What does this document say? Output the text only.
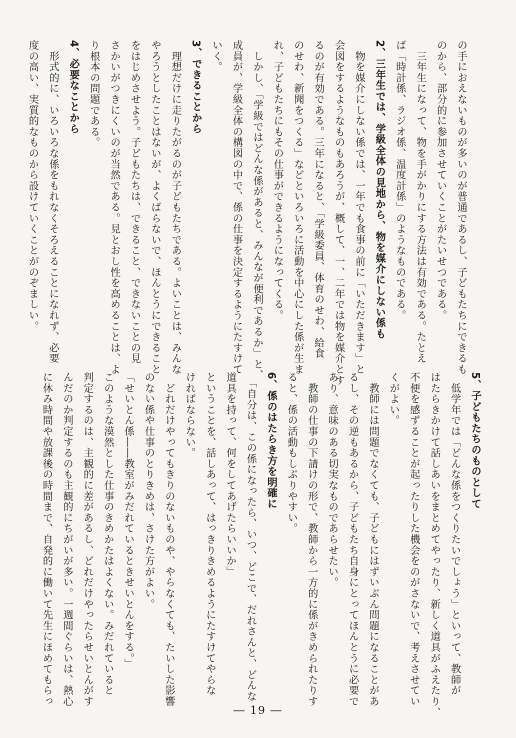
の手におえないものが多いのが普通であるし、子どもたちにできるも
のから、部分的に参加させていくことがたいせつである。
　三年生になって、物を手がかりにする方法は有効である。たとえ
ば「時計係、ラジオ係、温度計係」のようなものである。
2、三年生では、学級全体の見地から、物を媒介にしない係も
　物を媒介にしない係では、一年でも食事の前に「いただきます」と
会図をするようなものもあろうが、概して、一、二年では物を媒介とす
るのが有効である。三年になると、「学級委員、体育のせわ、給食
のせわ、新聞をつくる」などといろいろに活動を中心にした係が生ま
れ、子どもたちにもその仕事ができるようになってくる。
　しかし、「学級ではどんな係があると、みんなが便利であるか」と、
成員が、学級全体の構図の中で、係の仕事を決定するようにたすけて
いく。
3、できることから
　理想だけに走りたがるのが子どもたちである。よいことは、みんな
やろうとしたことはないが、よくばらないで、ほんとうにできること
をはじめさせよう。子どもたちは、できること、できないことの見
さかいがつきにくいのが当然である。見とおし性を高めることは、よ
り根本の問題である。
4、必要なことから
　形式的に、いろいろな係をもれなくそろえることになれず、必要
度の高い、実質的なものから設けていくことがのぞましい。
5、子どもたちのものとして
　低学年では「どんな係をつくりたいでしょう」といって、教師が
はたらきかけて話しあいをまとめてやったり、新しく道具がふえたり、
不便を感ずることが起ったりした機会をのがさないで、考えさせてい
くがよい。
　教師には問題でなくても、子どもにはずいぶん問題になることがあ
るし、その逆もあるから、子どもたち自身にとってほんとうに必要で
あり、意味のある切実なものであらせたい。
　教師の仕事の下請けの形で、教師から一方的に係がきめられたりす
ると、係の活動もしぶりやすい。
6、係のはたらき方を明確に
　「自分は、この係になったら、いつ、どこで、だれさんと、どんな
道具を持って、何をしてあげたらいいか」
ということを、話しあって、はっきりきめるようにたすけてやらな
ければならない。
　どれだけやってもきりのないものや、やらなくても、たいした影響
のない係や仕事のとりきめは、さけた方がよい。
「せいとん係――教室がみだれているときせいとんをする。」
このような漠然とした仕事のきめかたはよくない。みだれていると
判定するのは、主観的に差があるし、どれだけやったらせいとんがす
んだのか判定するのも主観的にちがいが多い。一週間ぐらいは、熱心
に休み時間や放課後の時間まで、自発的に働いて先生にほめてもらっ
― 19 ―
